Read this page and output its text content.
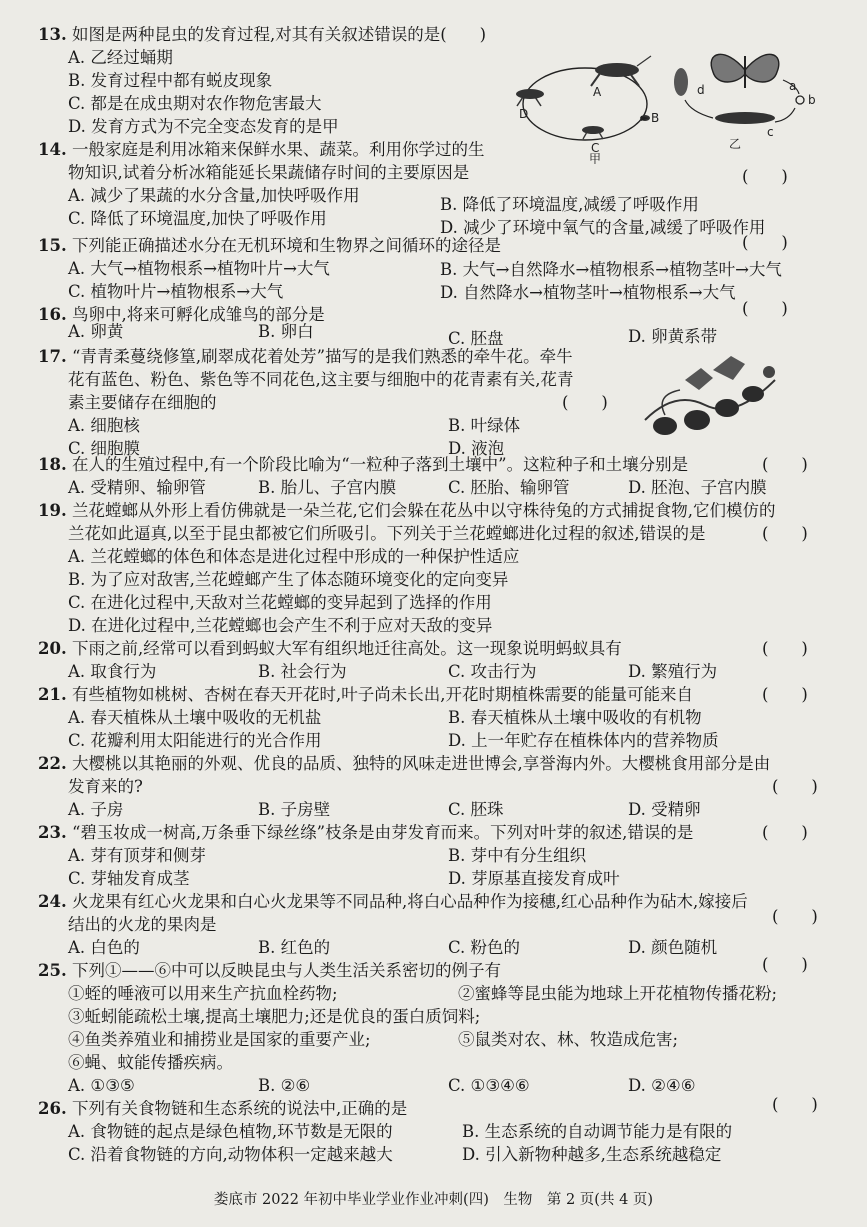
13. 如图是两种昆虫的发育过程,对其有关叙述错误的是(　　)
A. 乙经过蛹期
B. 发育过程中都有蜕皮现象
C. 都是在成虫期对农作物危害最大
D. 发育方式为不完全变态发育的是甲
A
B
C
D
甲
a
b
c
d
乙
14. 一般家庭是利用冰箱来保鲜水果、蔬菜。利用你学过的生
物知识,试着分析冰箱能延长果蔬储存时间的主要原因是	(　　)
A. 减少了果蔬的水分含量,加快呼吸作用	B. 降低了环境温度,减缓了呼吸作用
C. 降低了环境温度,加快了呼吸作用	D. 减少了环境中氧气的含量,减缓了呼吸作用
15. 下列能正确描述水分在无机环境和生物界之间循环的途径是	(　　)
A. 大气→植物根系→植物叶片→大气	B. 大气→自然降水→植物根系→植物茎叶→大气
C. 植物叶片→植物根系→大气	D. 自然降水→植物茎叶→植物根系→大气
16. 鸟卵中,将来可孵化成雏鸟的部分是	(　　)
A. 卵黄	B. 卵白	C. 胚盘	D. 卵黄系带
17. “青青柔蔓绕修篁,刷翠成花着处芳”描写的是我们熟悉的牵牛花。牵牛
花有蓝色、粉色、紫色等不同花色,这主要与细胞中的花青素有关,花青
素主要储存在细胞的	(　　)
A. 细胞核	B. 叶绿体
C. 细胞膜	D. 液泡
18. 在人的生殖过程中,有一个阶段比喻为“一粒种子落到土壤中”。这粒种子和土壤分别是	(　　)
A. 受精卵、输卵管	B. 胎儿、子宫内膜	C. 胚胎、输卵管	D. 胚泡、子宫内膜
19. 兰花螳螂从外形上看仿佛就是一朵兰花,它们会躲在花丛中以守株待兔的方式捕捉食物,它们模仿的
兰花如此逼真,以至于昆虫都被它们所吸引。下列关于兰花螳螂进化过程的叙述,错误的是	(　　)
A. 兰花螳螂的体色和体态是进化过程中形成的一种保护性适应
B. 为了应对敌害,兰花螳螂产生了体态随环境变化的定向变异
C. 在进化过程中,天敌对兰花螳螂的变异起到了选择的作用
D. 在进化过程中,兰花螳螂也会产生不利于应对天敌的变异
20. 下雨之前,经常可以看到蚂蚁大军有组织地迁往高处。这一现象说明蚂蚁具有	(　　)
A. 取食行为	B. 社会行为	C. 攻击行为	D. 繁殖行为
21. 有些植物如桃树、杏树在春天开花时,叶子尚未长出,开花时期植株需要的能量可能来自	(　　)
A. 春天植株从土壤中吸收的无机盐	B. 春天植株从土壤中吸收的有机物
C. 花瓣利用太阳能进行的光合作用	D. 上一年贮存在植株体内的营养物质
22. 大樱桃以其艳丽的外观、优良的品质、独特的风味走进世博会,享誉海内外。大樱桃食用部分是由
发育来的?	(　　)
A. 子房	B. 子房壁	C. 胚珠	D. 受精卵
23. “碧玉妆成一树高,万条垂下绿丝绦”枝条是由芽发育而来。下列对叶芽的叙述,错误的是	(　　)
A. 芽有顶芽和侧芽	B. 芽中有分生组织
C. 芽轴发育成茎	D. 芽原基直接发育成叶
24. 火龙果有红心火龙果和白心火龙果等不同品种,将白心品种作为接穗,红心品种作为砧木,嫁接后
结出的火龙的果肉是	(　　)
A. 白色的	B. 红色的	C. 粉色的	D. 颜色随机
25. 下列①——⑥中可以反映昆虫与人类生活关系密切的例子有	(　　)
①蛭的唾液可以用来生产抗血栓药物;	②蜜蜂等昆虫能为地球上开花植物传播花粉;
③蚯蚓能疏松土壤,提高土壤肥力;还是优良的蛋白质饲料;
④鱼类养殖业和捕捞业是国家的重要产业;	⑤鼠类对农、林、牧造成危害;
⑥蝇、蚊能传播疾病。
A. ①③⑤	B. ②⑥	C. ①③④⑥	D. ②④⑥
26. 下列有关食物链和生态系统的说法中,正确的是	(　　)
A. 食物链的起点是绿色植物,环节数是无限的	B. 生态系统的自动调节能力是有限的
C. 沿着食物链的方向,动物体积一定越来越大	D. 引入新物种越多,生态系统越稳定
娄底市 2022 年初中毕业学业作业冲刺(四)　生物　第 2 页(共 4 页)
